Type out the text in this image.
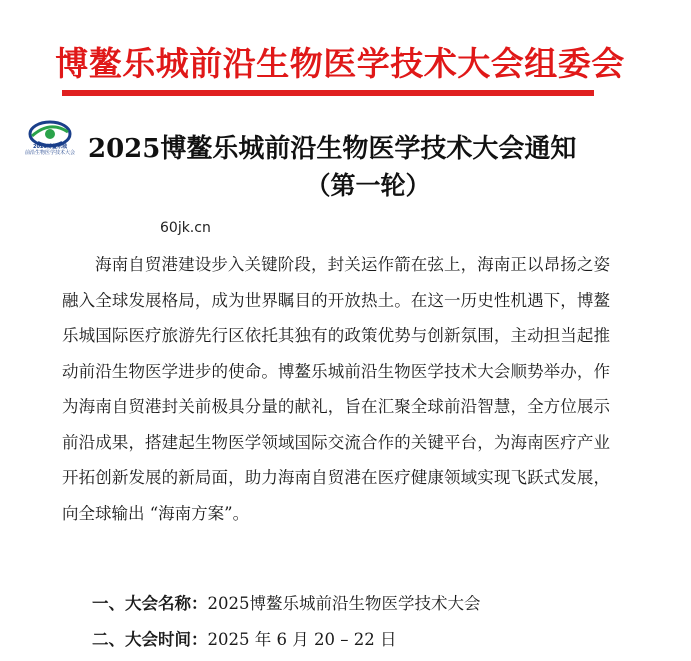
博鳌乐城前沿生物医学技术大会组委会
2025博鳌乐城
前沿生物医学技术大会 2025博鳌乐城前沿生物医学技术大会通知
（第一轮）
60jk.cn

海南自贸港建设步入关键阶段，封关运作箭在弦上，海南正以昂扬之姿融入全球发展格局，成为世界瞩目的开放热土。在这一历史性机遇下，博鳌乐城国际医疗旅游先行区依托其独有的政策优势与创新氛围，主动担当起推动前沿生物医学进步的使命。博鳌乐城前沿生物医学技术大会顺势举办，作为海南自贸港封关前极具分量的献礼，旨在汇聚全球前沿智慧，全方位展示前沿成果，搭建起生物医学领域国际交流合作的关键平台，为海南医疗产业开拓创新发展的新局面，助力海南自贸港在医疗健康领域实现飞跃式发展，向全球输出 “海南方案”。

一、大会名称：2025博鳌乐城前沿生物医学技术大会
二、大会时间：2025 年 6 月 20 – 22 日
